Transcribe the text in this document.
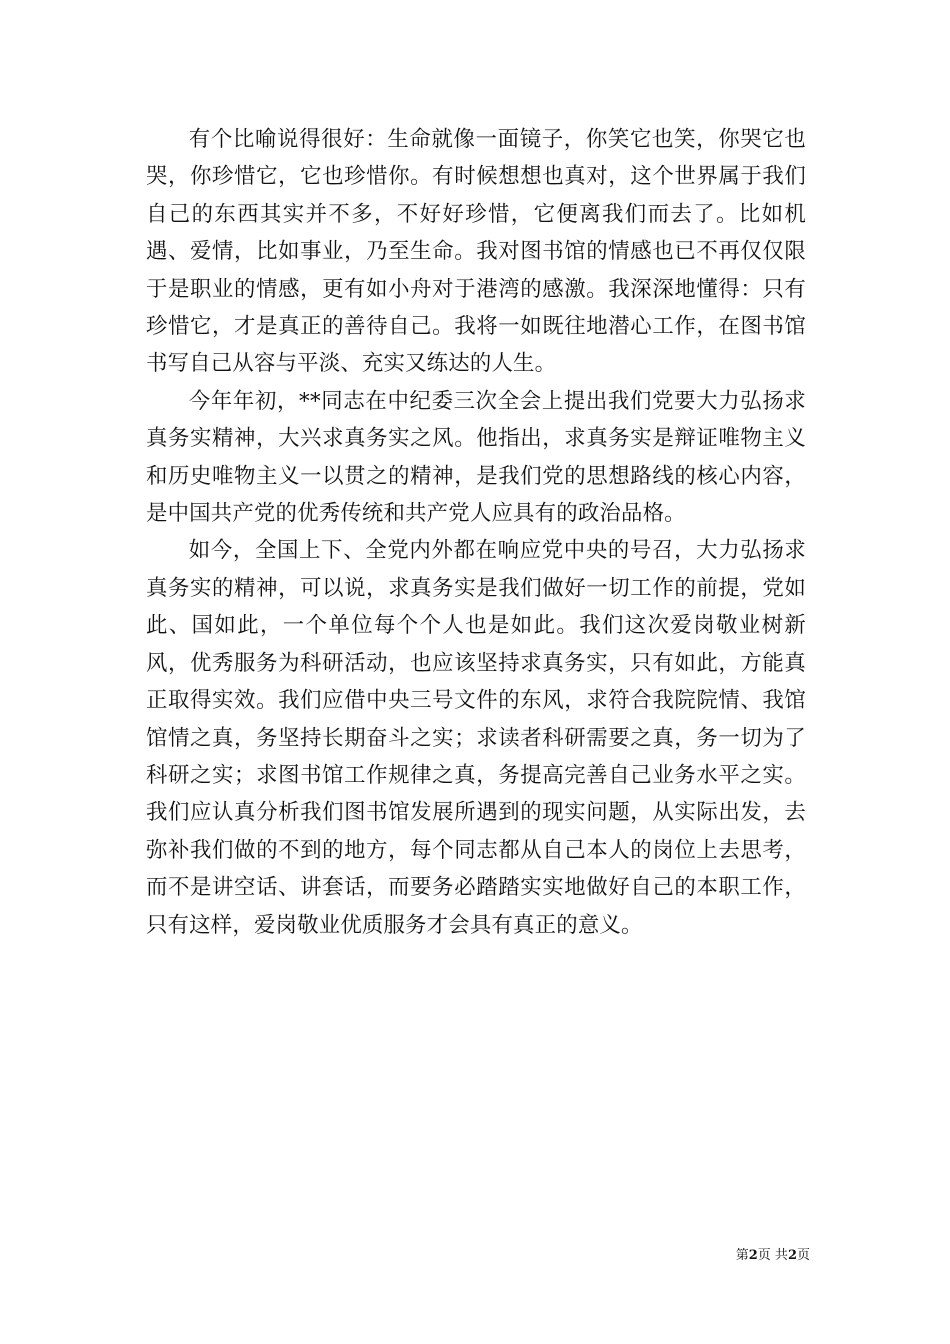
有个比喻说得很好：生命就像一面镜子，你笑它也笑，你哭它也哭，你珍惜它，它也珍惜你。有时候想想也真对，这个世界属于我们自己的东西其实并不多，不好好珍惜，它便离我们而去了。比如机遇、爱情，比如事业，乃至生命。我对图书馆的情感也已不再仅仅限于是职业的情感，更有如小舟对于港湾的感激。我深深地懂得：只有珍惜它，才是真正的善待自己。我将一如既往地潜心工作，在图书馆书写自己从容与平淡、充实又练达的人生。

今年年初，**同志在中纪委三次全会上提出我们党要大力弘扬求真务实精神，大兴求真务实之风。他指出，求真务实是辩证唯物主义和历史唯物主义一以贯之的精神，是我们党的思想路线的核心内容，是中国共产党的优秀传统和共产党人应具有的政治品格。

如今，全国上下、全党内外都在响应党中央的号召，大力弘扬求真务实的精神，可以说，求真务实是我们做好一切工作的前提，党如此、国如此，一个单位每个个人也是如此。我们这次爱岗敬业树新风，优秀服务为科研活动，也应该坚持求真务实，只有如此，方能真正取得实效。我们应借中央三号文件的东风，求符合我院院情、我馆馆情之真，务坚持长期奋斗之实；求读者科研需要之真，务一切为了科研之实；求图书馆工作规律之真，务提高完善自己业务水平之实。我们应认真分析我们图书馆发展所遇到的现实问题，从实际出发，去弥补我们做的不到的地方，每个同志都从自己本人的岗位上去思考，而不是讲空话、讲套话，而要务必踏踏实实地做好自己的本职工作，只有这样，爱岗敬业优质服务才会具有真正的意义。

第2页 共2页
